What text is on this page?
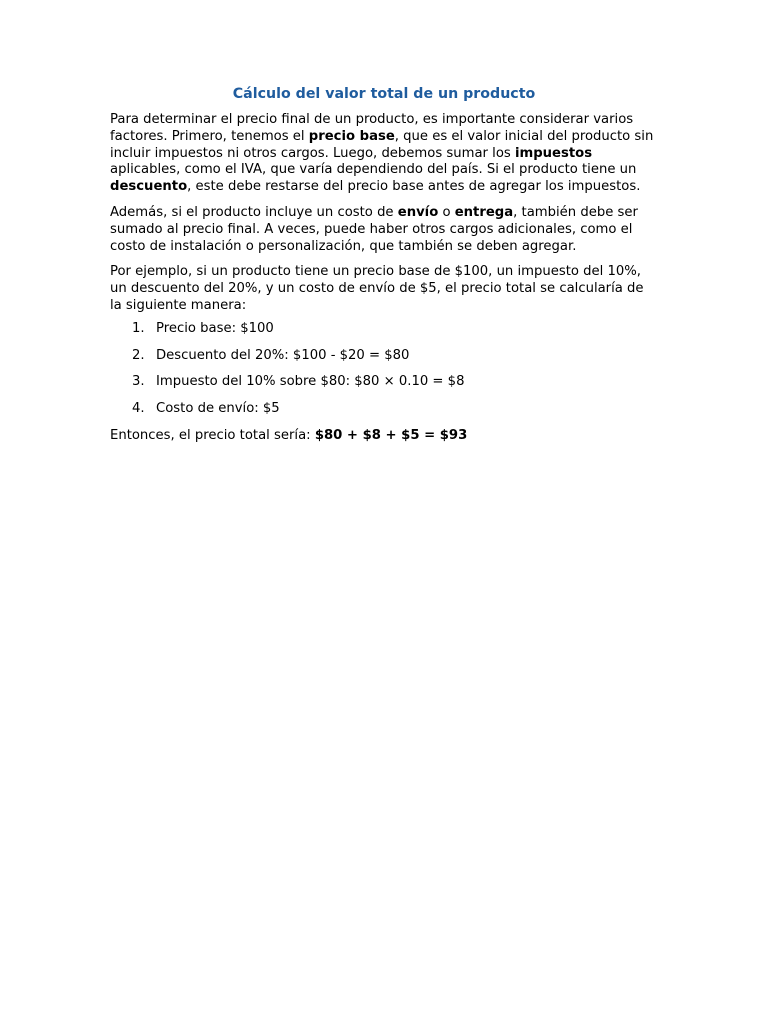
Cálculo del valor total de un producto

Para determinar el precio final de un producto, es importante considerar varios factores. Primero, tenemos el precio base, que es el valor inicial del producto sin incluir impuestos ni otros cargos. Luego, debemos sumar los impuestos aplicables, como el IVA, que varía dependiendo del país. Si el producto tiene un descuento, este debe restarse del precio base antes de agregar los impuestos.

Además, si el producto incluye un costo de envío o entrega, también debe ser sumado al precio final. A veces, puede haber otros cargos adicionales, como el costo de instalación o personalización, que también se deben agregar.

Por ejemplo, si un producto tiene un precio base de $100, un impuesto del 10%, un descuento del 20%, y un costo de envío de $5, el precio total se calcularía de la siguiente manera:

1. Precio base: $100
2. Descuento del 20%: $100 - $20 = $80
3. Impuesto del 10% sobre $80: $80 × 0.10 = $8
4. Costo de envío: $5

Entonces, el precio total sería: $80 + $8 + $5 = $93
